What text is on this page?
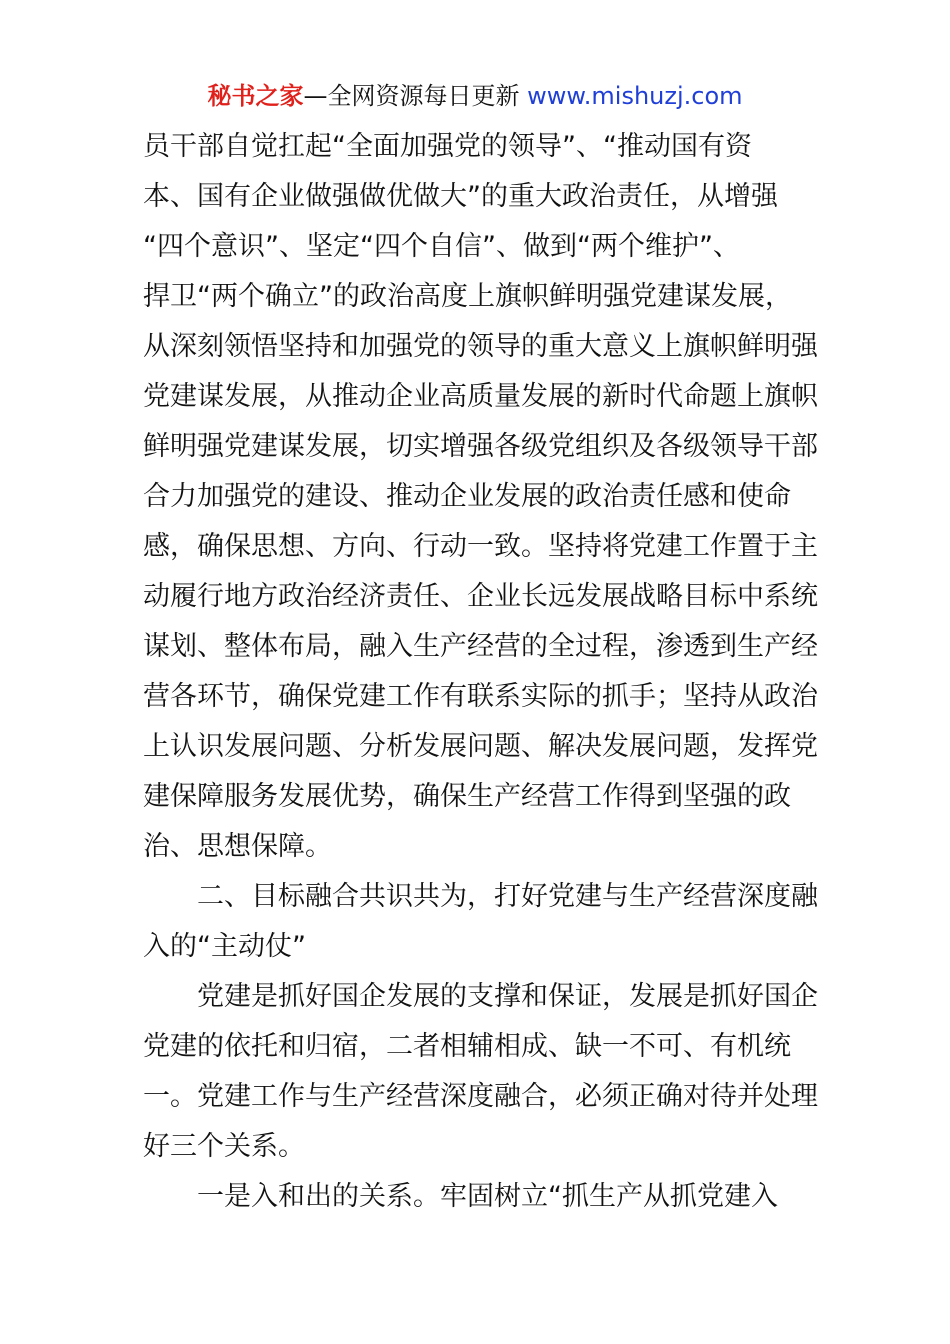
秘书之家—全网资源每日更新 www.mishuzj.com
员干部自觉扛起“全面加强党的领导”、“推动国有资
本、国有企业做强做优做大”的重大政治责任，从增强
“四个意识”、坚定“四个自信”、做到“两个维护”、
捍卫“两个确立”的政治高度上旗帜鲜明强党建谋发展，
从深刻领悟坚持和加强党的领导的重大意义上旗帜鲜明强
党建谋发展，从推动企业高质量发展的新时代命题上旗帜
鲜明强党建谋发展，切实增强各级党组织及各级领导干部
合力加强党的建设、推动企业发展的政治责任感和使命
感，确保思想、方向、行动一致。坚持将党建工作置于主
动履行地方政治经济责任、企业长远发展战略目标中系统
谋划、整体布局，融入生产经营的全过程，渗透到生产经
营各环节，确保党建工作有联系实际的抓手；坚持从政治
上认识发展问题、分析发展问题、解决发展问题，发挥党
建保障服务发展优势，确保生产经营工作得到坚强的政
治、思想保障。
二、目标融合共识共为，打好党建与生产经营深度融
入的“主动仗”
党建是抓好国企发展的支撑和保证，发展是抓好国企
党建的依托和归宿，二者相辅相成、缺一不可、有机统
一。党建工作与生产经营深度融合，必须正确对待并处理
好三个关系。
一是入和出的关系。牢固树立“抓生产从抓党建入
